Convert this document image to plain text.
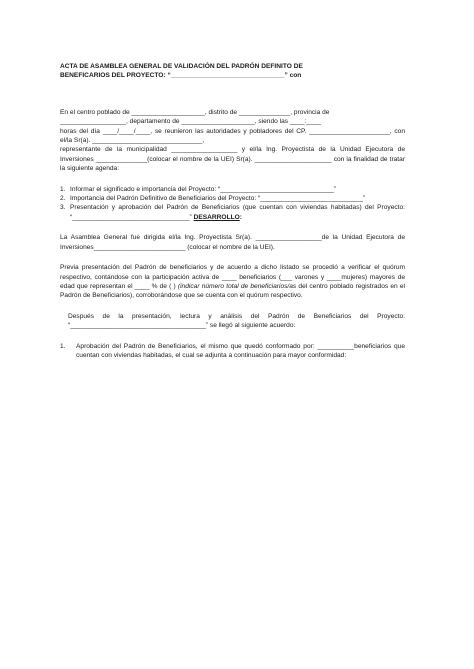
ACTA DE ASAMBLEA GENERAL DE VALIDACIÓN DEL PADRÓN DEFINITO DE
BENEFICARIOS DEL PROYECTO: “_______________________________” con

En el centro poblado de ____________________, distrito de ______________, provincia de
__________________, departamento de ____________________, siendo las ____:____
horas del día ____/____/____, se reunieron las autoridades y pobladores del CP. ______________________, con el/la Sr(a). ______________________________,
representante de la municipalidad __________________ y el/la Ing. Proyectista de la Unidad Ejecutora de Inversiones ______________(colocar el nombre de la UEI) Sr(a). _____________________ con la finalidad de tratar la siguiente agenda:

1. Informar el significado e importancia del Proyecto: “_______________________________”
2. Importancia del Padrón Definitivo de Beneficiarios del Proyecto: “____________________________”
3. Presentación y aprobación del Padrón de Beneficiarios (que cuentan con viviendas habitadas) del Proyecto: “________________________________” DESARROLLO:

La Asamblea General fue dirigida el/la Ing. Proyectista Sr(a). __________________de la Unidad Ejecutora de Inversiones_________________________ (colocar el nombre de la UEI).

Previa presentación del Padrón de beneficiarios y de acuerdo a dicho listado se procedió a verificar el quórum respectivo, contándose con la participación activa de ____ beneficiarios (___ varones y ____mujeres) mayores de edad que representan el ____ % de ( ) (indicar número total de beneficiarios/as del centro poblado registrados en el Padrón de Beneficiarios), corroborándose que se cuenta con el quórum respectivo.

Después de la presentación, lectura y análisis del Padrón de Beneficiarios del Proyecto: “_____________________________________” se llegó al siguiente acuerdo:

1. Aprobación del Padrón de Beneficiarios, el mismo que quedó conformado por: __________beneficiarios que cuentan con viviendas habitadas, el cual se adjunta a continuación para mayor conformidad:
